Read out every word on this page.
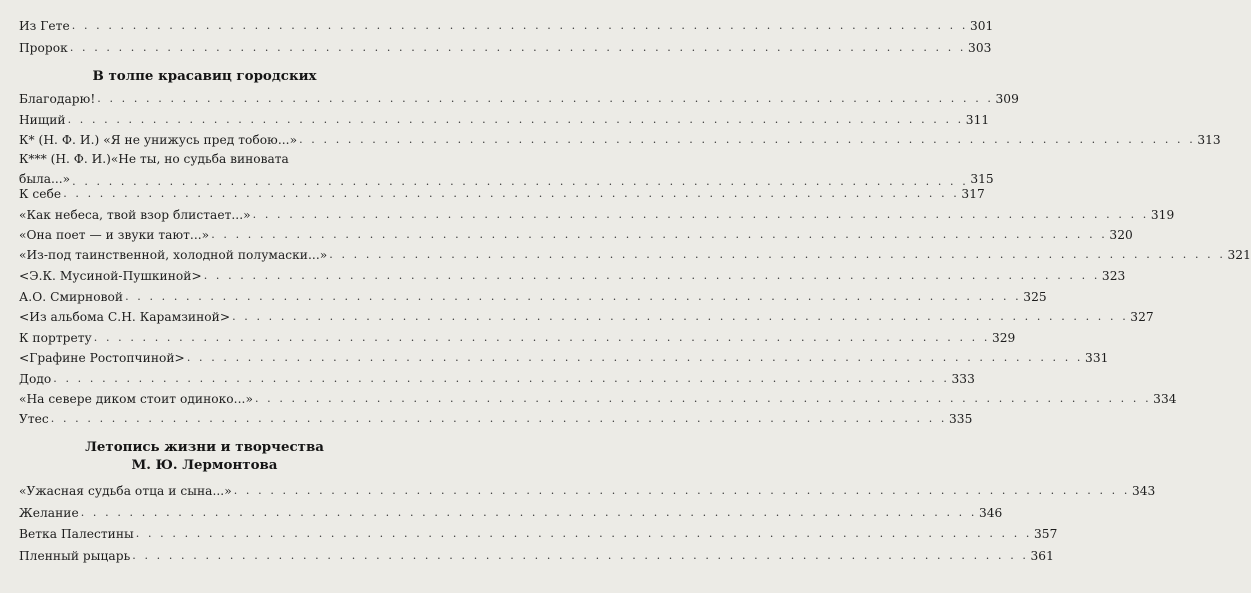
Из Гете . . . . . . . . . . . . . . . . . . . . . . . . . . . . . . . . . . . . . . . . . . . . . . . . . . . . . . . . . . . . . . . . . . . . . . . . . . 301
Пророк . . . . . . . . . . . . . . . . . . . . . . . . . . . . . . . . . . . . . . . . . . . . . . . . . . . . . . . . . . . . . . . . . . . . . . . . . . 303
В толпе красавиц городских
Благодарю! . . . . . . . . . . . . . . . . . . . . . . . . . . . . . . . . . . . . . . . . . . . . . . . . . . . . . . . . . . . . . . . . . . . . . . . . . . 309
Нищий . . . . . . . . . . . . . . . . . . . . . . . . . . . . . . . . . . . . . . . . . . . . . . . . . . . . . . . . . . . . . . . . . . . . . . . . . . 311
К* (Н. Ф. И.) «Я не унижусь пред тобою...» . . . . . . . . . . . . . . . . . . . . . . . . . . . . . . . . . . . . . . . . . . . . . . . . . . . . . . . . . . . . . . . . . . . . . . . . . . 313
К*** (Н. Ф. И.)«Не ты, но судьба виновата
была...» . . . . . . . . . . . . . . . . . . . . . . . . . . . . . . . . . . . . . . . . . . . . . . . . . . . . . . . . . . . . . . . . . . . . . . . . . . 315
К себе . . . . . . . . . . . . . . . . . . . . . . . . . . . . . . . . . . . . . . . . . . . . . . . . . . . . . . . . . . . . . . . . . . . . . . . . . . 317
«Как небеса, твой взор блистает...» . . . . . . . . . . . . . . . . . . . . . . . . . . . . . . . . . . . . . . . . . . . . . . . . . . . . . . . . . . . . . . . . . . . . . . . . . . 319
«Она поет — и звуки тают...» . . . . . . . . . . . . . . . . . . . . . . . . . . . . . . . . . . . . . . . . . . . . . . . . . . . . . . . . . . . . . . . . . . . . . . . . . . 320
«Из-под таинственной, холодной полумаски...» . . . . . . . . . . . . . . . . . . . . . . . . . . . . . . . . . . . . . . . . . . . . . . . . . . . . . . . . . . . . . . . . . . . . . . . . . . 321
<Э.К. Мусиной-Пушкиной> . . . . . . . . . . . . . . . . . . . . . . . . . . . . . . . . . . . . . . . . . . . . . . . . . . . . . . . . . . . . . . . . . . . . . . . . . . 323
А.О. Смирновой . . . . . . . . . . . . . . . . . . . . . . . . . . . . . . . . . . . . . . . . . . . . . . . . . . . . . . . . . . . . . . . . . . . . . . . . . . 325
<Из альбома С.Н. Карамзиной> . . . . . . . . . . . . . . . . . . . . . . . . . . . . . . . . . . . . . . . . . . . . . . . . . . . . . . . . . . . . . . . . . . . . . . . . . . 327
К портрету . . . . . . . . . . . . . . . . . . . . . . . . . . . . . . . . . . . . . . . . . . . . . . . . . . . . . . . . . . . . . . . . . . . . . . . . . . 329
<Графине Ростопчиной> . . . . . . . . . . . . . . . . . . . . . . . . . . . . . . . . . . . . . . . . . . . . . . . . . . . . . . . . . . . . . . . . . . . . . . . . . . 331
Додо . . . . . . . . . . . . . . . . . . . . . . . . . . . . . . . . . . . . . . . . . . . . . . . . . . . . . . . . . . . . . . . . . . . . . . . . . . 333
«На севере диком стоит одиноко...» . . . . . . . . . . . . . . . . . . . . . . . . . . . . . . . . . . . . . . . . . . . . . . . . . . . . . . . . . . . . . . . . . . . . . . . . . . 334
Утес . . . . . . . . . . . . . . . . . . . . . . . . . . . . . . . . . . . . . . . . . . . . . . . . . . . . . . . . . . . . . . . . . . . . . . . . . . 335
Летопись жизни и творчества
М. Ю. Лермонтова
«Ужасная судьба отца и сына...» . . . . . . . . . . . . . . . . . . . . . . . . . . . . . . . . . . . . . . . . . . . . . . . . . . . . . . . . . . . . . . . . . . . . . . . . . . 343
Желание . . . . . . . . . . . . . . . . . . . . . . . . . . . . . . . . . . . . . . . . . . . . . . . . . . . . . . . . . . . . . . . . . . . . . . . . . . 346
Ветка Палестины . . . . . . . . . . . . . . . . . . . . . . . . . . . . . . . . . . . . . . . . . . . . . . . . . . . . . . . . . . . . . . . . . . . . . . . . . . 357
Пленный рыцарь . . . . . . . . . . . . . . . . . . . . . . . . . . . . . . . . . . . . . . . . . . . . . . . . . . . . . . . . . . . . . . . . . . . . . . . . . . 361
